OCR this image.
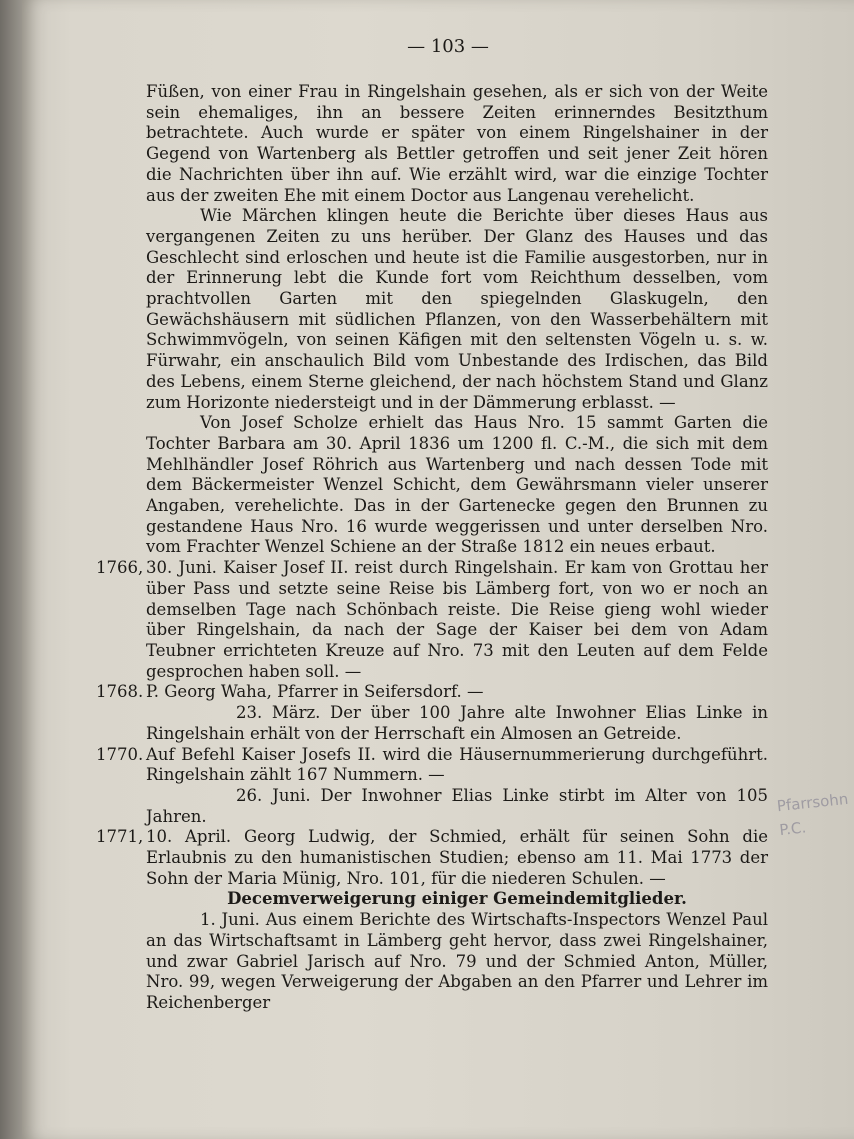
— 103 —

Füßen, von einer Frau in Ringelshain gesehen, als er sich von der Weite sein ehemaliges, ihn an bessere Zeiten erinnerndes Besitzthum betrachtete. Auch wurde er später von einem Ringelshainer in der Gegend von Wartenberg als Bettler getroffen und seit jener Zeit hören die Nachrichten über ihn auf. Wie erzählt wird, war die einzige Tochter aus der zweiten Ehe mit einem Doctor aus Langenau verehelicht.

Wie Märchen klingen heute die Berichte über dieses Haus aus vergangenen Zeiten zu uns herüber. Der Glanz des Hauses und das Geschlecht sind erloschen und heute ist die Familie ausgestorben, nur in der Erinnerung lebt die Kunde fort vom Reichthum desselben, vom prachtvollen Garten mit den spiegelnden Glaskugeln, den Gewächshäusern mit südlichen Pflanzen, von den Wasserbehältern mit Schwimmvögeln, von seinen Käfigen mit den seltensten Vögeln u. s. w. Fürwahr, ein anschaulich Bild vom Unbestande des Irdischen, das Bild des Lebens, einem Sterne gleichend, der nach höchstem Stand und Glanz zum Horizonte niedersteigt und in der Dämmerung erblasst. —

Von Josef Scholze erhielt das Haus Nro. 15 sammt Garten die Tochter Barbara am 30. April 1836 um 1200 fl. C.-M., die sich mit dem Mehlhändler Josef Röhrich aus Wartenberg und nach dessen Tode mit dem Bäckermeister Wenzel Schicht, dem Gewährsmann vieler unserer Angaben, verehelichte. Das in der Gartenecke gegen den Brunnen zu gestandene Haus Nro. 16 wurde weggerissen und unter derselben Nro. vom Frachter Wenzel Schiene an der Straße 1812 ein neues erbaut.

1766, 30. Juni. Kaiser Josef II. reist durch Ringelshain. Er kam von Grottau her über Pass und setzte seine Reise bis Lämberg fort, von wo er noch an demselben Tage nach Schönbach reiste. Die Reise gieng wohl wieder über Ringelshain, da nach der Sage der Kaiser bei dem von Adam Teubner errichteten Kreuze auf Nro. 73 mit den Leuten auf dem Felde gesprochen haben soll. —

1768. P. Georg Waha, Pfarrer in Seifersdorf. —

23. März. Der über 100 Jahre alte Inwohner Elias Linke in Ringelshain erhält von der Herrschaft ein Almosen an Getreide.

1770. Auf Befehl Kaiser Josefs II. wird die Häusernummerierung durchgeführt. Ringelshain zählt 167 Nummern. —

26. Juni. Der Inwohner Elias Linke stirbt im Alter von 105 Jahren.

1771, 10. April. Georg Ludwig, der Schmied, erhält für seinen Sohn die Erlaubnis zu den humanistischen Studien; ebenso am 11. Mai 1773 der Sohn der Maria Münig, Nro. 101, für die niederen Schulen. —

Decemverweigerung einiger Gemeindemitglieder.

1. Juni. Aus einem Berichte des Wirtschafts-Inspectors Wenzel Paul an das Wirtschaftsamt in Lämberg geht hervor, dass zwei Ringelshainer, und zwar Gabriel Jarisch auf Nro. 79 und der Schmied Anton, Müller, Nro. 99, wegen Verweigerung der Abgaben an den Pfarrer und Lehrer im Reichenberger

Pfarrsohn P.C.
